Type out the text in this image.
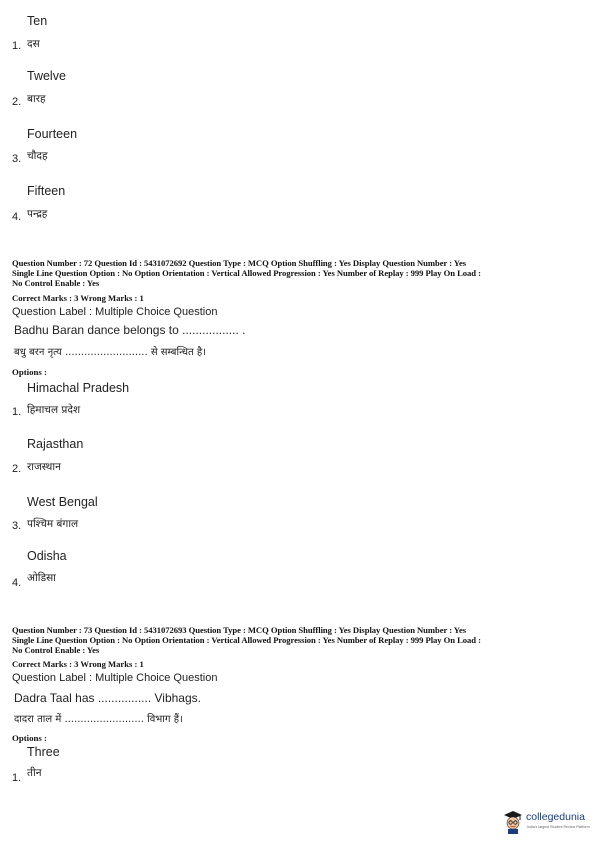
Ten
दस
1.
Twelve
बारह
2.
Fourteen
चौदह
3.
Fifteen
पन्द्रह
4.
Question Number : 72 Question Id : 5431072692 Question Type : MCQ Option Shuffling : Yes Display Question Number : Yes
Single Line Question Option : No Option Orientation : Vertical Allowed Progression : Yes Number of Replay : 999 Play On Load :
No Control Enable : Yes
Correct Marks : 3 Wrong Marks : 1
Question Label : Multiple Choice Question
Badhu Baran dance belongs to ................. .
बधु बरन नृत्य .......................... से सम्बन्धित है।
Options :
Himachal Pradesh
हिमाचल प्रदेश
1.
Rajasthan
राजस्थान
2.
West Bengal
पश्चिम बंगाल
3.
Odisha
ओडिसा
4.
Question Number : 73 Question Id : 5431072693 Question Type : MCQ Option Shuffling : Yes Display Question Number : Yes
Single Line Question Option : No Option Orientation : Vertical Allowed Progression : Yes Number of Replay : 999 Play On Load :
No Control Enable : Yes
Correct Marks : 3 Wrong Marks : 1
Question Label : Multiple Choice Question
Dadra Taal has ................ Vibhags.
दादरा ताल में ......................... विभाग हैं।
Options :
Three
तीन
1.
collegedunia
India's largest Student Review Platform
